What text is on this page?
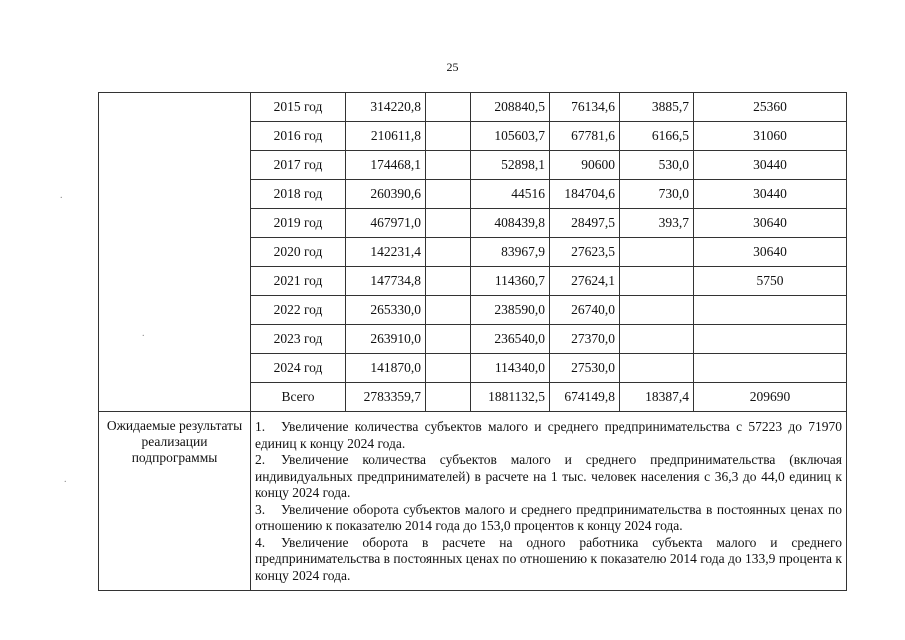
25
.
.
.
	2015 год	314220,8		208840,5	76134,6	3885,7	25360
	2016 год	210611,8		105603,7	67781,6	6166,5	31060
	2017 год	174468,1		52898,1	90600	530,0	30440
	2018 год	260390,6		44516	184704,6	730,0	30440
	2019 год	467971,0		408439,8	28497,5	393,7	30640
	2020 год	142231,4		83967,9	27623,5		30640
	2021 год	147734,8		114360,7	27624,1		5750
	2022 год	265330,0		238590,0	26740,0		
	2023 год	263910,0		236540,0	27370,0		
	2024 год	141870,0		114340,0	27530,0		
	Всего	2783359,7		1881132,5	674149,8	18387,4	209690
Ожидаемые результаты реализации подпрограммы	1. Увеличение количества субъектов малого и среднего предпринимательства с 57223 до 71970 единиц к концу 2024 года.

2. Увеличение количества субъектов малого и среднего предпринимательства (включая индивидуальных предпринимателей) в расчете на 1 тыс. человек населения с 36,3 до 44,0 единиц к концу 2024 года.

3. Увеличение оборота субъектов малого и среднего предпринимательства в постоянных ценах по отношению к показателю 2014 года до 153,0 процентов к концу 2024 года.

4. Увеличение оборота в расчете на одного работника субъекта малого и среднего предпринимательства в постоянных ценах по отношению к показателю 2014 года до 133,9 процента к концу 2024 года.						
